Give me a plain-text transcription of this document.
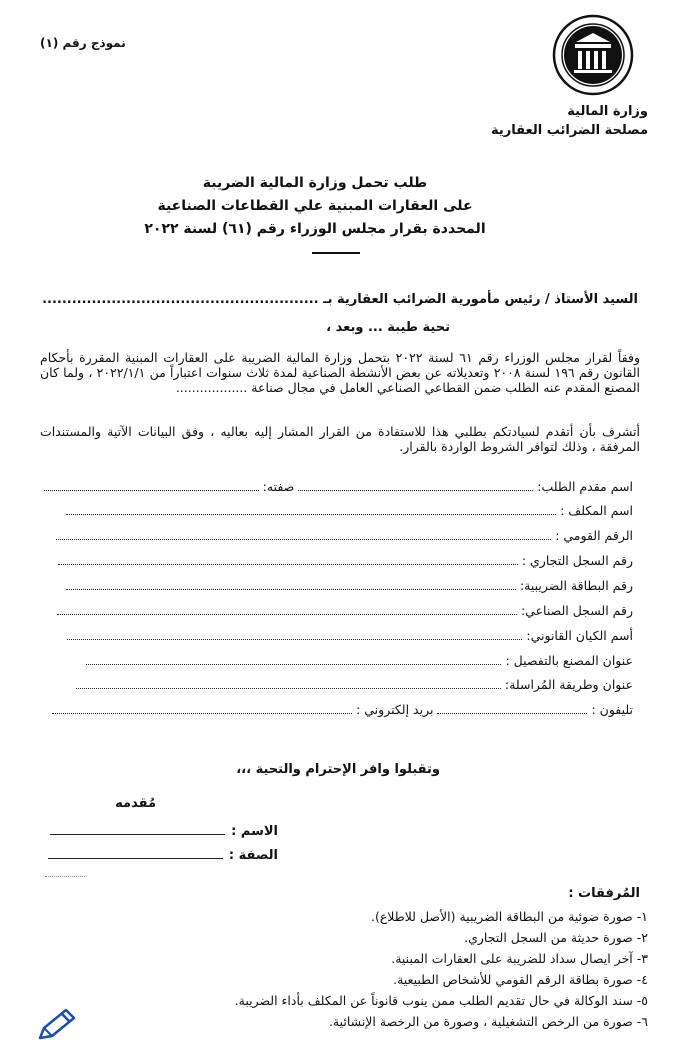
نموذج رقم (١)
وزارة المالية
مصلحة الضرائب العقارية
طلب تحمل وزارة المالية الضريبة
على العقارات المبنية علي القطاعات الصناعية
المحددة بقرار مجلس الوزراء رقم (٦١) لسنة ٢٠٢٢
السيد الأستاذ / رئيس مأمورية الضرائب العقارية بـ ........................................................
تحية طيبة ... وبعد ،
وفقاً لقرار مجلس الوزراء رقم ٦١ لسنة ٢٠٢٢ بتحمل وزارة المالية الضريبة على العقارات المبنية المقررة بأحكام القانون رقم ١٩٦ لسنة ٢٠٠٨ وتعديلاته عن بعض الأنشطة الصناعية لمدة ثلاث سنوات اعتباراً من ٢٠٢٢/١/١ ، ولما كان المصنع المقدم عنه الطلب ضمن القطاعي الصناعي العامل في مجال صناعة ..................
أتشرف بأن أتقدم لسيادتكم بطلبي هذا للاستفادة من القرار المشار إليه بعاليه ، وفق البيانات الآتية والمستندات المرفقة ، وذلك لتوافر الشروط الواردة بالقرار.
اسم مقدم الطلب:
صفته:
اسم المكلف :
الرقم القومي :
رقم السجل التجاري :
رقم البطاقة الضريبية:
رقم السجل الصناعي:
أسم الكيان القانوني:
عنوان المصنع بالتفصيل :
عنوان وطريقة المُراسلة:
تليفون :
بريد إلكتروني :
وتقبلوا وافر الإحترام والتحية ،،،
مُقدمه
الاسم :
الصفة :
المُرفقات :
١- صورة ضوئية من البطاقة الضريبية (الأصل للاطلاع).
٢- صورة حديثة من السجل التجاري.
٣- آخر ايصال سداد للضريبة على العقارات المبنية.
٤- صورة بطاقة الرقم القومي للأشخاص الطبيعية.
٥- سند الوكالة في حال تقديم الطلب ممن ينوب قانوناً عن المكلف بأداء الضريبة.
٦- صورة من الرخص التشغيلية ، وصورة من الرخصة الإنشائية.
